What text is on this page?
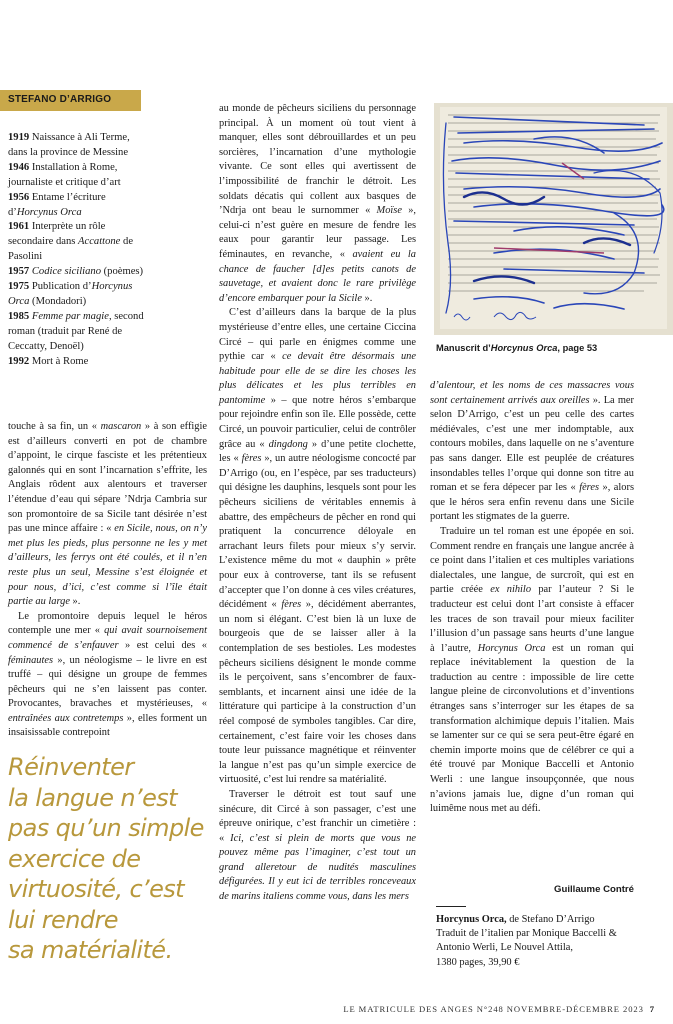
STEFANO D’ARRIGO
1919 Naissance à Ali Terme, dans la province de Messine
1946 Installation à Rome, journaliste et critique d’art
1956 Entame l’écriture d’Horcynus Orca
1961 Interprète un rôle secondaire dans Accattone de Pasolini
1957 Codice siciliano (poèmes)
1975 Publication d’Horcynus Orca (Mondadori)
1985 Femme par magie, second roman (traduit par René de Ceccatty, Denoël)
1992 Mort à Rome

touche à sa fin, un « mascaron » à son effigie est d’ailleurs converti en pot de chambre d’appoint, le cirque fasciste et les prétentieux galonnés qui en sont l’incarnation s’effrite, les Anglais rôdent aux alentours et traverser l’étendue d’eau qui sépare ’Ndrja Cambria sur son promontoire de sa Sicile tant désirée n’est pas une mince affaire : « en Sicile, nous, on n’y met plus les pieds, plus personne ne les y met d’ailleurs, les ferrys ont été coulés, et il n’en reste plus un seul, Messine s’est éloignée et pour nous, d’ici, c’est comme si l’île était partie au large ».

Le promontoire depuis lequel le héros contemple une mer « qui avait sournoisement commencé de s’enfauver » est celui des « féminautes », un néologisme – le livre en est truffé – qui désigne un groupe de femmes pêcheurs qui ne s’en laissent pas conter. Provocantes, bravaches et mystérieuses, « entraînées aux contretemps », elles forment un insaisissable contrepoint

Réinventer
la langue n’est
pas qu’un simple
exercice de
virtuosité, c’est
lui rendre
sa matérialité.

au monde de pêcheurs siciliens du personnage principal. À un moment où tout vient à manquer, elles sont débrouillardes et un peu sorcières, l’incarnation d’une mythologie vivante. Ce sont elles qui avertissent de l’impossibilité de franchir le détroit. Les soldats décatis qui collent aux basques de ’Ndrja ont beau le surnommer « Moïse », celui-ci n’est guère en mesure de fendre les eaux pour garantir leur passage. Les féminautes, en revanche, « avaient eu la chance de faucher [d]es petits canots de sauvetage, et avaient donc le rare privilège d’encore embarquer pour la Sicile ».

C’est d’ailleurs dans la barque de la plus mystérieuse d’entre elles, une certaine Ciccina Circé – qui parle en énigmes comme une pythie car « ce devait être désormais une habitude pour elle de se dire les choses les plus délicates et les plus terribles en pantomime » – que notre héros s’embarque pour rejoindre enfin son île. Elle possède, cette Circé, un pouvoir particulier, celui de contrôler grâce au « dingdong » d’une petite clochette, les « fères », un autre néologisme concocté par D’Arrigo (ou, en l’espèce, par ses traducteurs) qui désigne les dauphins, lesquels sont pour les pêcheurs siciliens de véritables ennemis à abattre, des empêcheurs de pêcher en rond qui pratiquent la concurrence déloyale en arrachant leurs filets pour mieux s’y servir. L’existence même du mot « dauphin » prête pour eux à controverse, tant ils se refusent d’accepter que l’on donne à ces viles créatures, décidément « fères », décidément aberrantes, un nom si élégant. C’est bien là un luxe de bourgeois que de se laisser aller à la contemplation de ses bestioles. Les modestes pêcheurs siciliens désignent le monde comme ils le perçoivent, sans s’encombrer de faux-semblants, et incarnent ainsi une idée de la littérature qui participe à la construction d’un réel composé de symboles tangibles. Car dire, certainement, c’est faire voir les choses dans toute leur puissance magnétique et réinventer la langue n’est pas qu’un simple exercice de virtuosité, c’est lui rendre sa matérialité.

Traverser le détroit est tout sauf une sinécure, dit Circé à son passager, c’est une épreuve onirique, c’est franchir un cimetière : « Ici, c’est si plein de morts que vous ne pouvez même pas l’imaginer, c’est tout un grand alleretour de nudités masculines défigurées. Il y eut ici de terribles ronceveaux de marins italiens comme vous, dans les mers

Manuscrit d’Horcynus Orca, page 53

d’alentour, et les noms de ces massacres vous sont certainement arrivés aux oreilles ». La mer selon D’Arrigo, c’est un peu celle des cartes médiévales, c’est une mer indomptable, aux contours mobiles, dans laquelle on ne s’aventure pas sans danger. Elle est peuplée de créatures insondables telles l’orque qui donne son titre au roman et se fera dépecer par les « fères », alors que le héros sera enfin revenu dans une Sicile portant les stigmates de la guerre.

Traduire un tel roman est une épopée en soi. Comment rendre en français une langue ancrée à ce point dans l’italien et ces multiples variations dialectales, une langue, de surcroît, qui est en partie créée ex nihilo par l’auteur ? Si le traducteur est celui dont l’art consiste à effacer les traces de son travail pour mieux faciliter l’illusion d’un passage sans heurts d’une langue à l’autre, Horcynus Orca est un roman qui replace inévitablement la question de la traduction au centre : impossible de lire cette langue pleine de circonvolutions et d’inventions étranges sans s’interroger sur les étapes de sa transformation alchimique depuis l’italien. Mais se lamenter sur ce qui se sera peut-être égaré en chemin importe moins que de célébrer ce qui a été trouvé par Monique Baccelli et Antonio Werli : une langue insoupçonnée, que nous n’avions jamais lue, digne d’un roman qui luimême nous met au défi.

Guillaume Contré
Horcynus Orca, de Stefano D’Arrigo
Traduit de l’italien par Monique Baccelli & Antonio Werli, Le Nouvel Attila,
1380 pages, 39,90 €
LE MATRICULE DES ANGES N°248 NOVEMBRE-DÉCEMBRE 2023 7
